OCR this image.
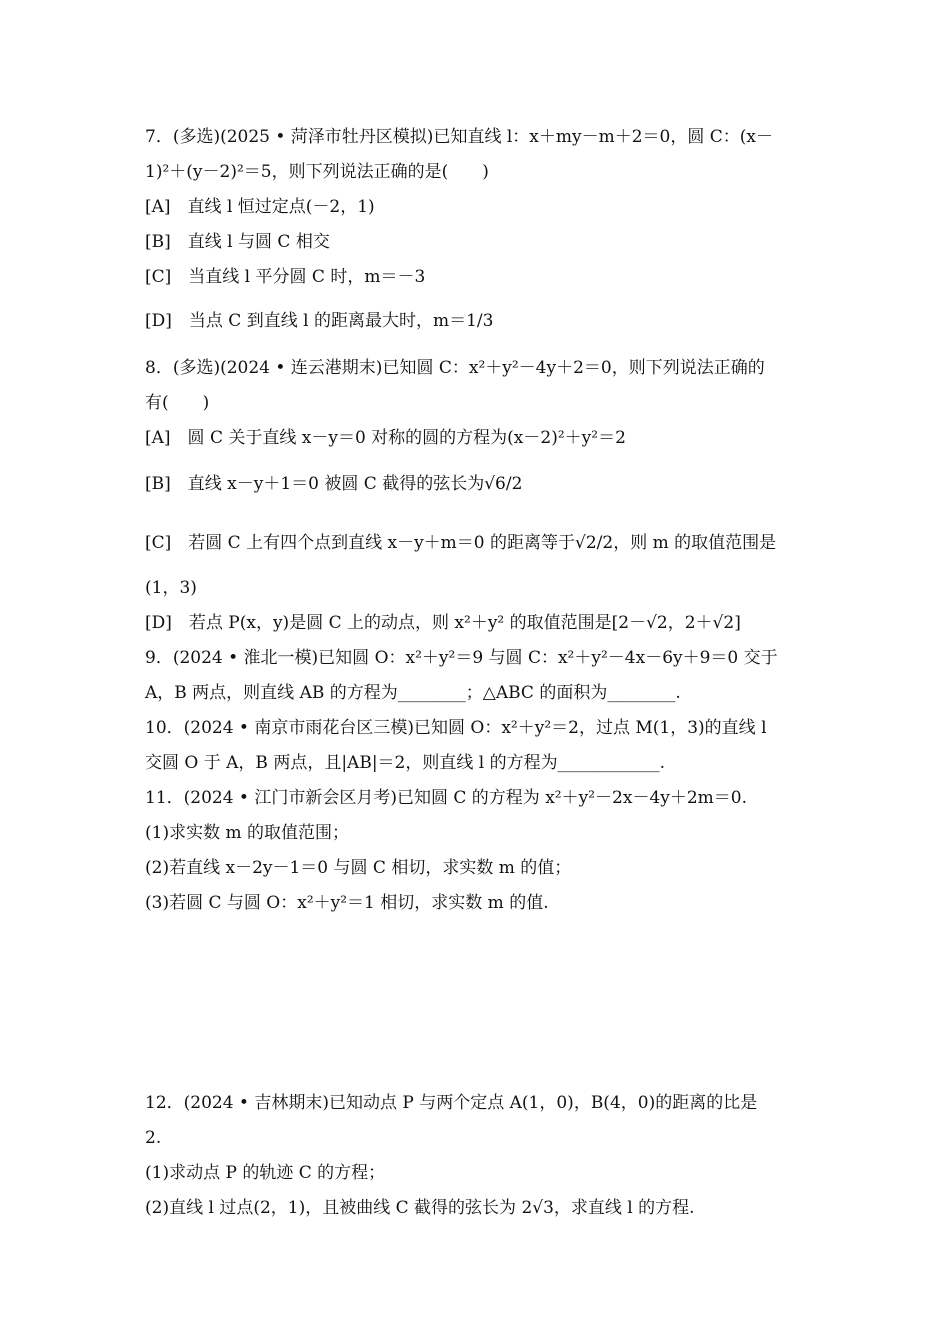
7．(多选)(2025 • 菏泽市牡丹区模拟)已知直线 l：x＋my－m＋2＝0，圆 C：(x－
1)²＋(y－2)²＝5，则下列说法正确的是(　　)
[A]　直线 l 恒过定点(－2，1)
[B]　直线 l 与圆 C 相交
[C]　当直线 l 平分圆 C 时，m＝－3
[D]　当点 C 到直线 l 的距离最大时，m＝1/3
8．(多选)(2024 • 连云港期末)已知圆 C：x²＋y²－4y＋2＝0，则下列说法正确的
有(　　)
[A]　圆 C 关于直线 x－y＝0 对称的圆的方程为(x－2)²＋y²＝2
[B]　直线 x－y＋1＝0 被圆 C 截得的弦长为√6/2
[C]　若圆 C 上有四个点到直线 x－y＋m＝0 的距离等于√2/2，则 m 的取值范围是
(1，3)
[D]　若点 P(x，y)是圆 C 上的动点，则 x²＋y² 的取值范围是[2－√2，2＋√2]
9．(2024 • 淮北一模)已知圆 O：x²＋y²＝9 与圆 C：x²＋y²－4x－6y＋9＝0 交于
A，B 两点，则直线 AB 的方程为________；△ABC 的面积为________.
10．(2024 • 南京市雨花台区三模)已知圆 O：x²＋y²＝2，过点 M(1，3)的直线 l
交圆 O 于 A，B 两点，且|AB|＝2，则直线 l 的方程为____________.
11．(2024 • 江门市新会区月考)已知圆 C 的方程为 x²＋y²－2x－4y＋2m＝0.
(1)求实数 m 的取值范围；
(2)若直线 x－2y－1＝0 与圆 C 相切，求实数 m 的值；
(3)若圆 C 与圆 O：x²＋y²＝1 相切，求实数 m 的值.
12．(2024 • 吉林期末)已知动点 P 与两个定点 A(1，0)，B(4，0)的距离的比是
2.
(1)求动点 P 的轨迹 C 的方程；
(2)直线 l 过点(2，1)，且被曲线 C 截得的弦长为 2√3，求直线 l 的方程.
